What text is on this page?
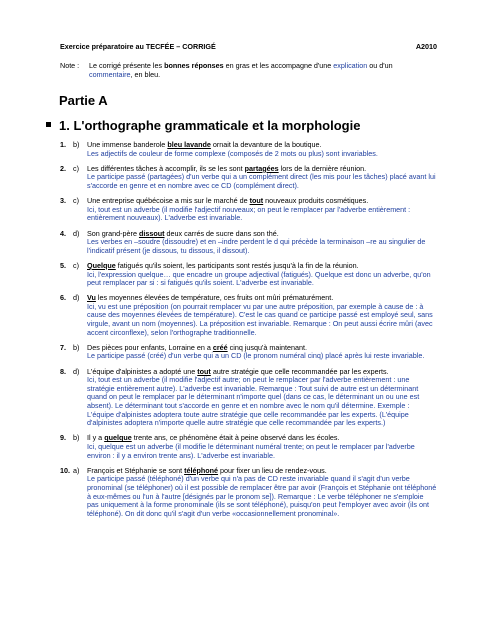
Exercice préparatoire au TECFÉE – CORRIGÉ	A2010
Note : Le corrigé présente les bonnes réponses en gras et les accompagne d'une explication ou d'un commentaire, en bleu.
Partie A
1. L'orthographe grammaticale et la morphologie
1. b) Une immense banderole bleu lavande ornait la devanture de la boutique.
Les adjectifs de couleur de forme complexe (composés de 2 mots ou plus) sont invariables.
2. c) Les différentes tâches à accomplir, ils se les sont partagées lors de la dernière réunion.
Le participe passé (partagées) d'un verbe qui a un complément direct (les mis pour les tâches) placé avant lui s'accorde en genre et en nombre avec ce CD (complément direct).
3. c) Une entreprise québécoise a mis sur le marché de tout nouveaux produits cosmétiques.
Ici, tout est un adverbe (il modifie l'adjectif nouveaux; on peut le remplacer par l'adverbe entièrement : entièrement nouveaux). L'adverbe est invariable.
4. d) Son grand-père dissout deux carrés de sucre dans son thé.
Les verbes en –soudre (dissoudre) et en –indre perdent le d qui précède la terminaison –re au singulier de l'indicatif présent (je dissous, tu dissous, il dissout).
5. c) Quelque fatigués qu'ils soient, les participants sont restés jusqu'à la fin de la réunion.
Ici, l'expression quelque… que encadre un groupe adjectival (fatigués). Quelque est donc un adverbe, qu'on peut remplacer par si : si fatigués qu'ils soient. L'adverbe est invariable.
6. d) Vu les moyennes élevées de température, ces fruits ont mûri prématurément.
Ici, vu est une préposition (on pourrait remplacer vu par une autre préposition, par exemple à cause de : à cause des moyennes élevées de température). C'est le cas quand ce participe passé est employé seul, sans virgule, avant un nom (moyennes). La préposition est invariable. Remarque : On peut aussi écrire mûri (avec accent circonflexe), selon l'orthographe traditionnelle.
7. b) Des pièces pour enfants, Lorraine en a créé cinq jusqu'à maintenant.
Le participe passé (créé) d'un verbe qui a un CD (le pronom numéral cinq) placé après lui reste invariable.
8. d) L'équipe d'alpinistes a adopté une tout autre stratégie que celle recommandée par les experts.
Ici, tout est un adverbe (il modifie l'adjectif autre; on peut le remplacer par l'adverbe entièrement : une stratégie entièrement autre). L'adverbe est invariable. Remarque : Tout suivi de autre est un déterminant quand on peut le remplacer par le déterminant n'importe quel (dans ce cas, le déterminant un ou une est absent). Le déterminant tout s'accorde en genre et en nombre avec le nom qu'il détermine. Exemple : L'équipe d'alpinistes adoptera toute autre stratégie que celle recommandée par les experts. (L'équipe d'alpinistes adoptera n'importe quelle autre stratégie que celle recommandée par les experts.)
9. b) Il y a quelque trente ans, ce phénomène était à peine observé dans les écoles.
Ici, quelque est un adverbe (il modifie le déterminant numéral trente; on peut le remplacer par l'adverbe environ : il y a environ trente ans). L'adverbe est invariable.
10. a) François et Stéphanie se sont téléphoné pour fixer un lieu de rendez-vous.
Le participe passé (téléphoné) d'un verbe qui n'a pas de CD reste invariable quand il s'agit d'un verbe pronominal (se téléphoner) où il est possible de remplacer être par avoir (François et Stéphanie ont téléphoné à eux-mêmes ou l'un à l'autre [désignés par le pronom se]). Remarque : Le verbe téléphoner ne s'emploie pas uniquement à la forme pronominale (ils se sont téléphoné), puisqu'on peut l'employer avec avoir (ils ont téléphoné). On dit donc qu'il s'agit d'un verbe «occasionnellement pronominal».
